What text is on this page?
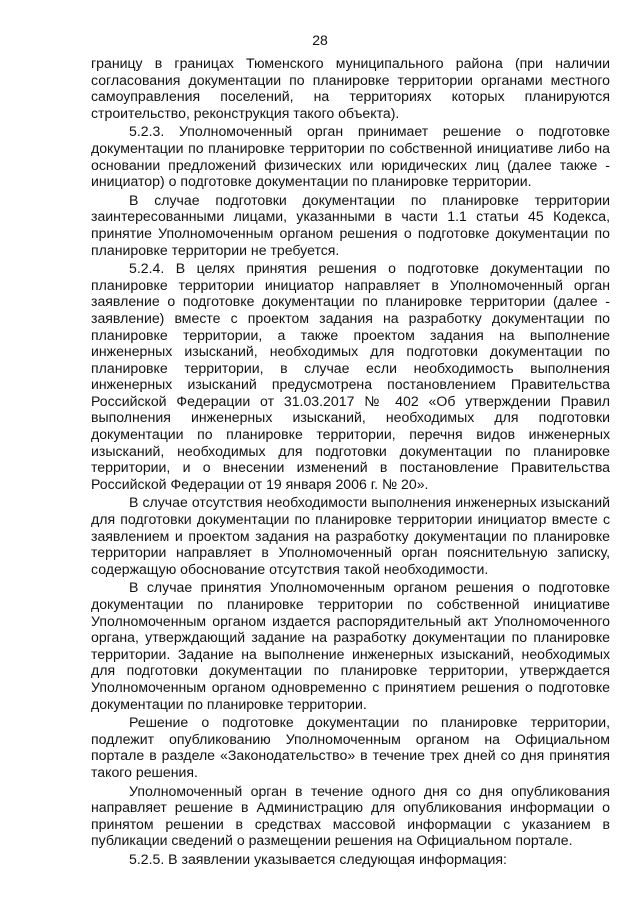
28

границу в границах Тюменского муниципального района (при наличии согласования документации по планировке территории органами местного самоуправления поселений, на территориях которых планируются строительство, реконструкция такого объекта).

5.2.3. Уполномоченный орган принимает решение о подготовке документации по планировке территории по собственной инициативе либо на основании предложений физических или юридических лиц (далее также - инициатор) о подготовке документации по планировке территории.

В случае подготовки документации по планировке территории заинтересованными лицами, указанными в части 1.1 статьи 45 Кодекса, принятие Уполномоченным органом решения о подготовке документации по планировке территории не требуется.

5.2.4. В целях принятия решения о подготовке документации по планировке территории инициатор направляет в Уполномоченный орган заявление о подготовке документации по планировке территории (далее - заявление) вместе с проектом задания на разработку документации по планировке территории, а также проектом задания на выполнение инженерных изысканий, необходимых для подготовки документации по планировке территории, в случае если необходимость выполнения инженерных изысканий предусмотрена постановлением Правительства Российской Федерации от 31.03.2017 № 402 «Об утверждении Правил выполнения инженерных изысканий, необходимых для подготовки документации по планировке территории, перечня видов инженерных изысканий, необходимых для подготовки документации по планировке территории, и о внесении изменений в постановление Правительства Российской Федерации от 19 января 2006 г. № 20».

В случае отсутствия необходимости выполнения инженерных изысканий для подготовки документации по планировке территории инициатор вместе с заявлением и проектом задания на разработку документации по планировке территории направляет в Уполномоченный орган пояснительную записку, содержащую обоснование отсутствия такой необходимости.

В случае принятия Уполномоченным органом решения о подготовке документации по планировке территории по собственной инициативе Уполномоченным органом издается распорядительный акт Уполномоченного органа, утверждающий задание на разработку документации по планировке территории. Задание на выполнение инженерных изысканий, необходимых для подготовки документации по планировке территории, утверждается Уполномоченным органом одновременно с принятием решения о подготовке документации по планировке территории.

Решение о подготовке документации по планировке территории, подлежит опубликованию Уполномоченным органом на Официальном портале в разделе «Законодательство» в течение трех дней со дня принятия такого решения.

Уполномоченный орган в течение одного дня со дня опубликования направляет решение в Администрацию для опубликования информации о принятом решении в средствах массовой информации с указанием в публикации сведений о размещении решения на Официальном портале.

5.2.5. В заявлении указывается следующая информация:
